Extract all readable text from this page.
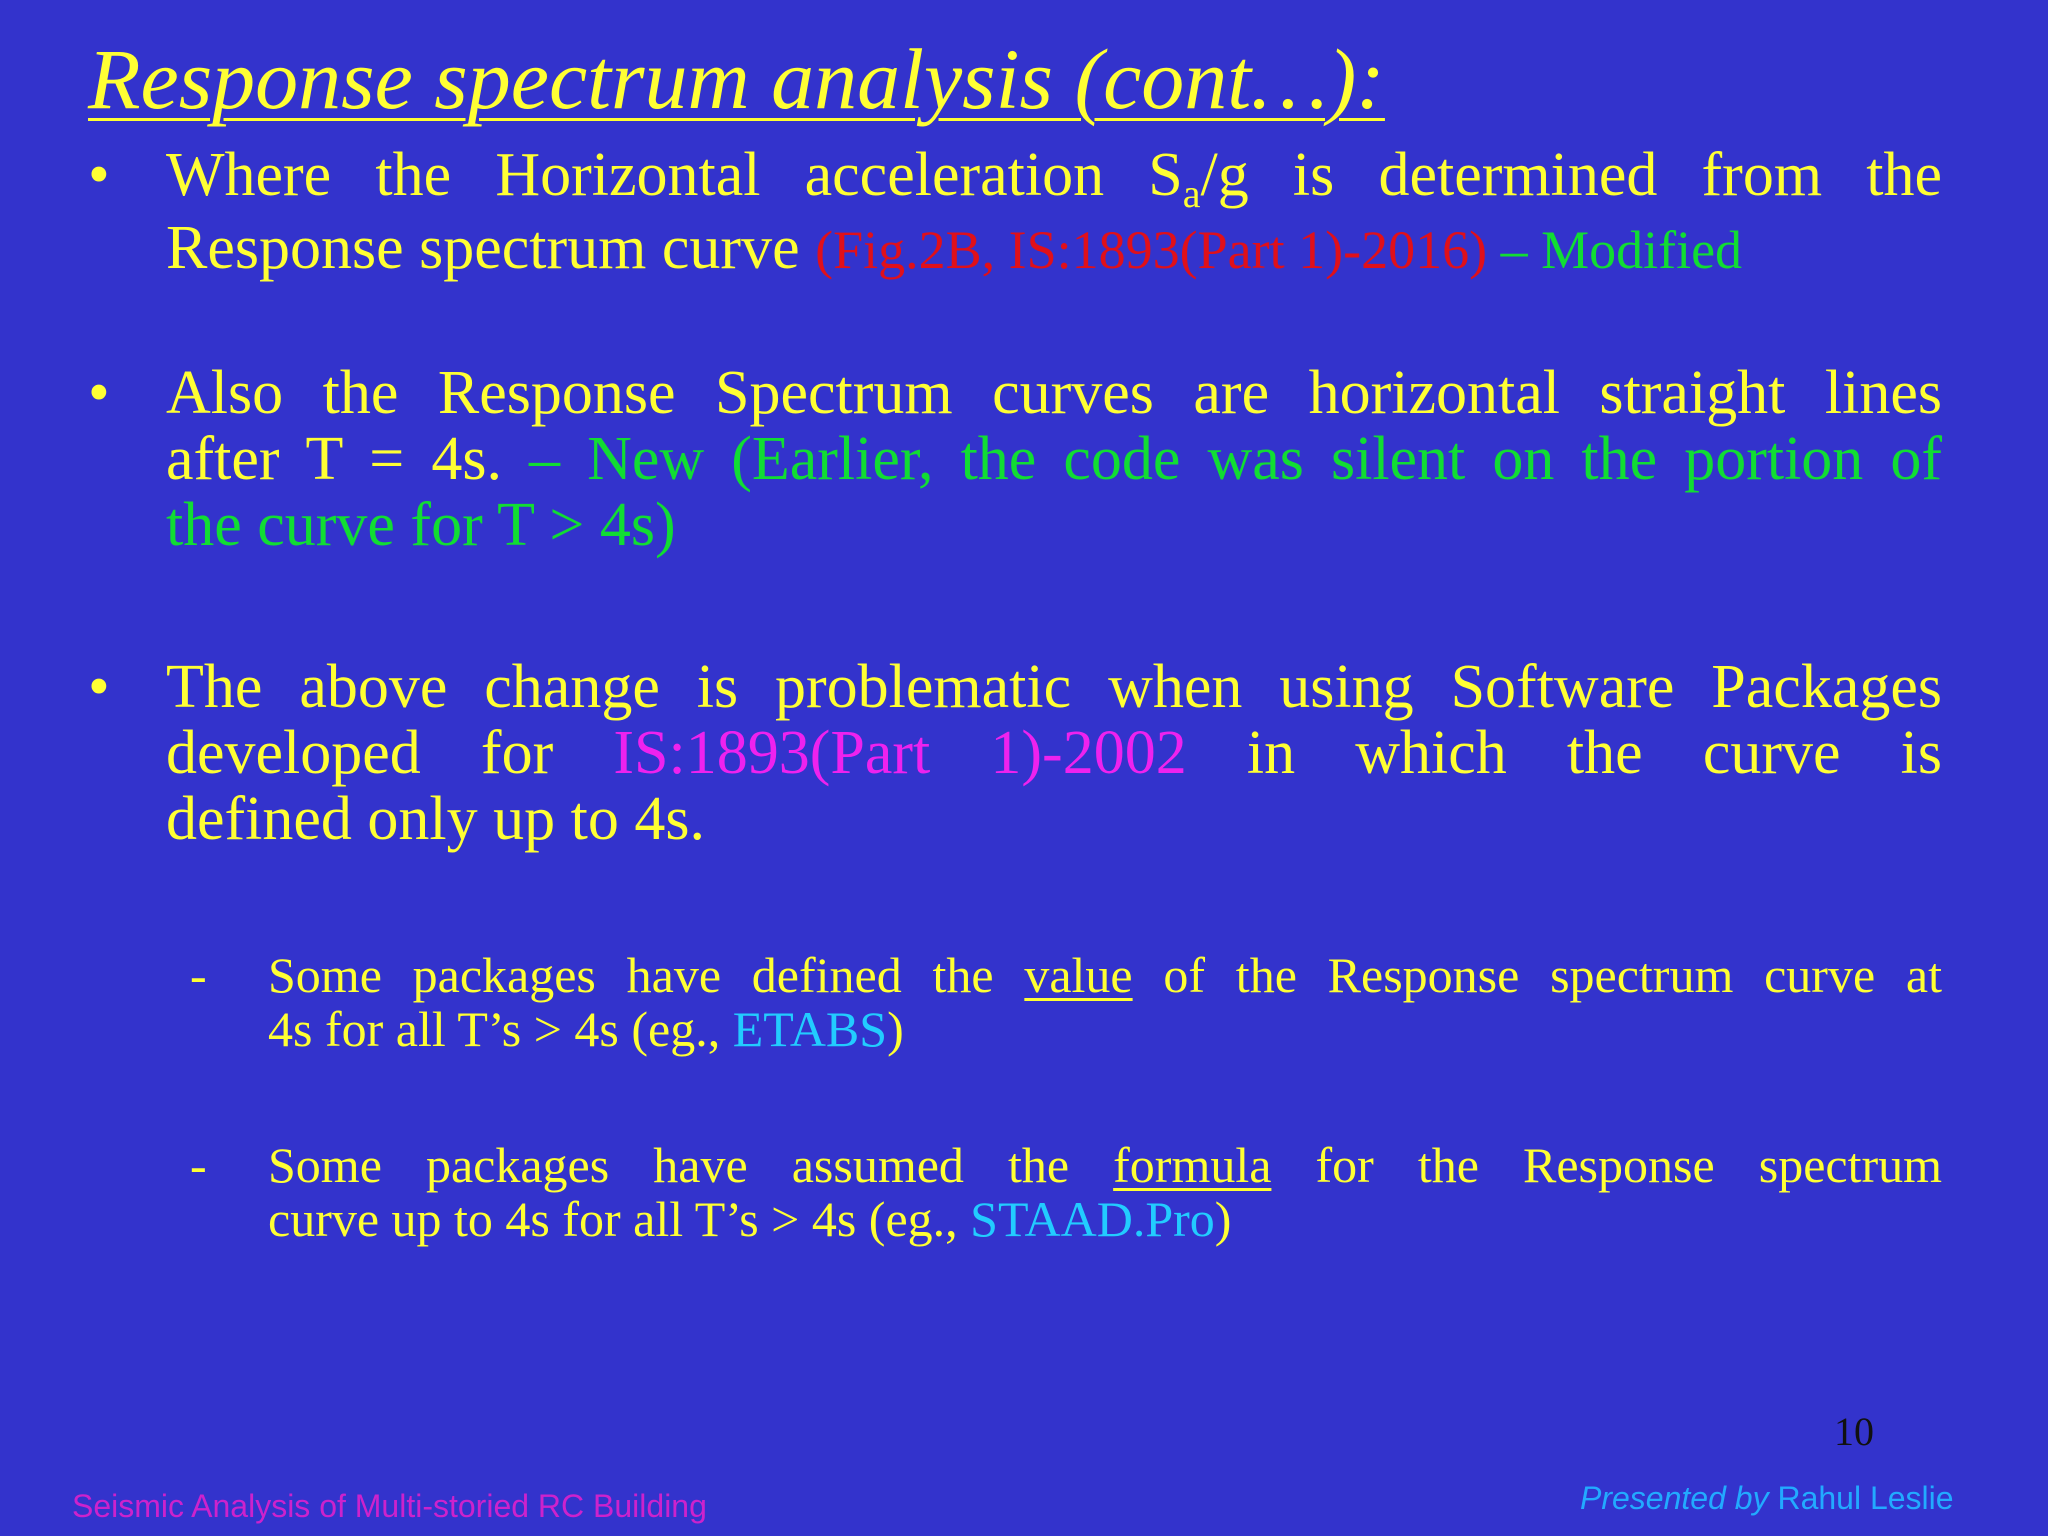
Response spectrum analysis (cont…):
• Where the Horizontal acceleration Sa/g is determined from the
Response spectrum curve (Fig.2B, IS:1893(Part 1)-2016) – Modified
• Also the Response Spectrum curves are horizontal straight lines
after T = 4s. – New (Earlier, the code was silent on the portion of
the curve for T > 4s)
• The above change is problematic when using Software Packages
developed for IS:1893(Part 1)-2002 in which the curve is
defined only up to 4s.
- Some packages have defined the value of the Response spectrum curve at
4s for all T’s > 4s (eg., ETABS)
- Some packages have assumed the formula for the Response spectrum
curve up to 4s for all T’s > 4s (eg., STAAD.Pro)
10
Seismic Analysis of Multi-storied RC Building	Presented by Rahul Leslie
